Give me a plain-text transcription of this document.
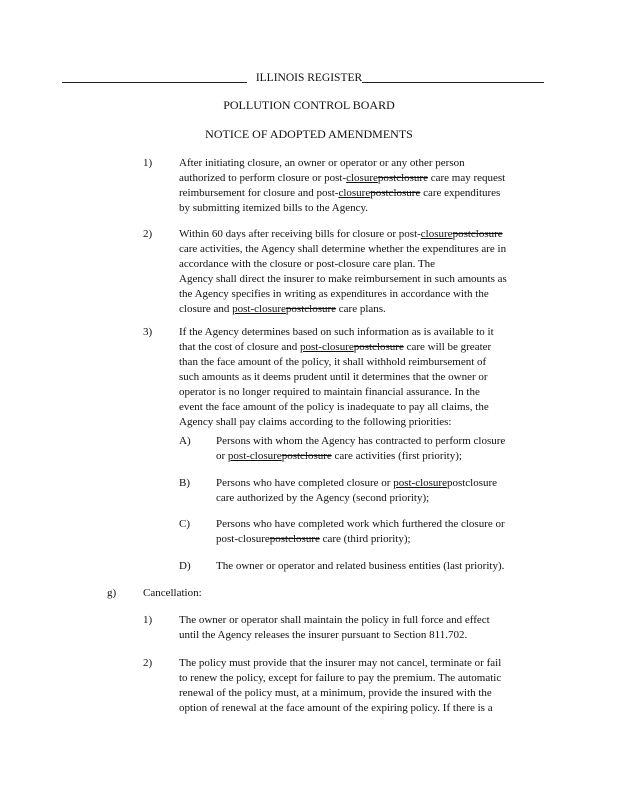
ILLINOIS REGISTER
POLLUTION CONTROL BOARD
NOTICE OF ADOPTED AMENDMENTS
1) After initiating closure, an owner or operator or any other person
authorized to perform closure or post-closurepostclosure care may request
reimbursement for closure and post-closurepostclosure care expenditures
by submitting itemized bills to the Agency.
2) Within 60 days after receiving bills for closure or post-closurepostclosure
care activities, the Agency shall determine whether the expenditures are in
accordance with the closure or post-closure care plan. The
Agency shall direct the insurer to make reimbursement in such amounts as
the Agency specifies in writing as expenditures in accordance with the
closure and post-closurepostclosure care plans.
3) If the Agency determines based on such information as is available to it
that the cost of closure and post-closurepostclosure care will be greater
than the face amount of the policy, it shall withhold reimbursement of
such amounts as it deems prudent until it determines that the owner or
operator is no longer required to maintain financial assurance. In the
event the face amount of the policy is inadequate to pay all claims, the
Agency shall pay claims according to the following priorities:
A) Persons with whom the Agency has contracted to perform closure
or post-closurepostclosure care activities (first priority);
B) Persons who have completed closure or post-closurepostclosure
care authorized by the Agency (second priority);
C) Persons who have completed work which furthered the closure or
post-closurepostclosure care (third priority);
D) The owner or operator and related business entities (last priority).
g) Cancellation:
1) The owner or operator shall maintain the policy in full force and effect
until the Agency releases the insurer pursuant to Section 811.702.
2) The policy must provide that the insurer may not cancel, terminate or fail
to renew the policy, except for failure to pay the premium. The automatic
renewal of the policy must, at a minimum, provide the insured with the
option of renewal at the face amount of the expiring policy. If there is a
